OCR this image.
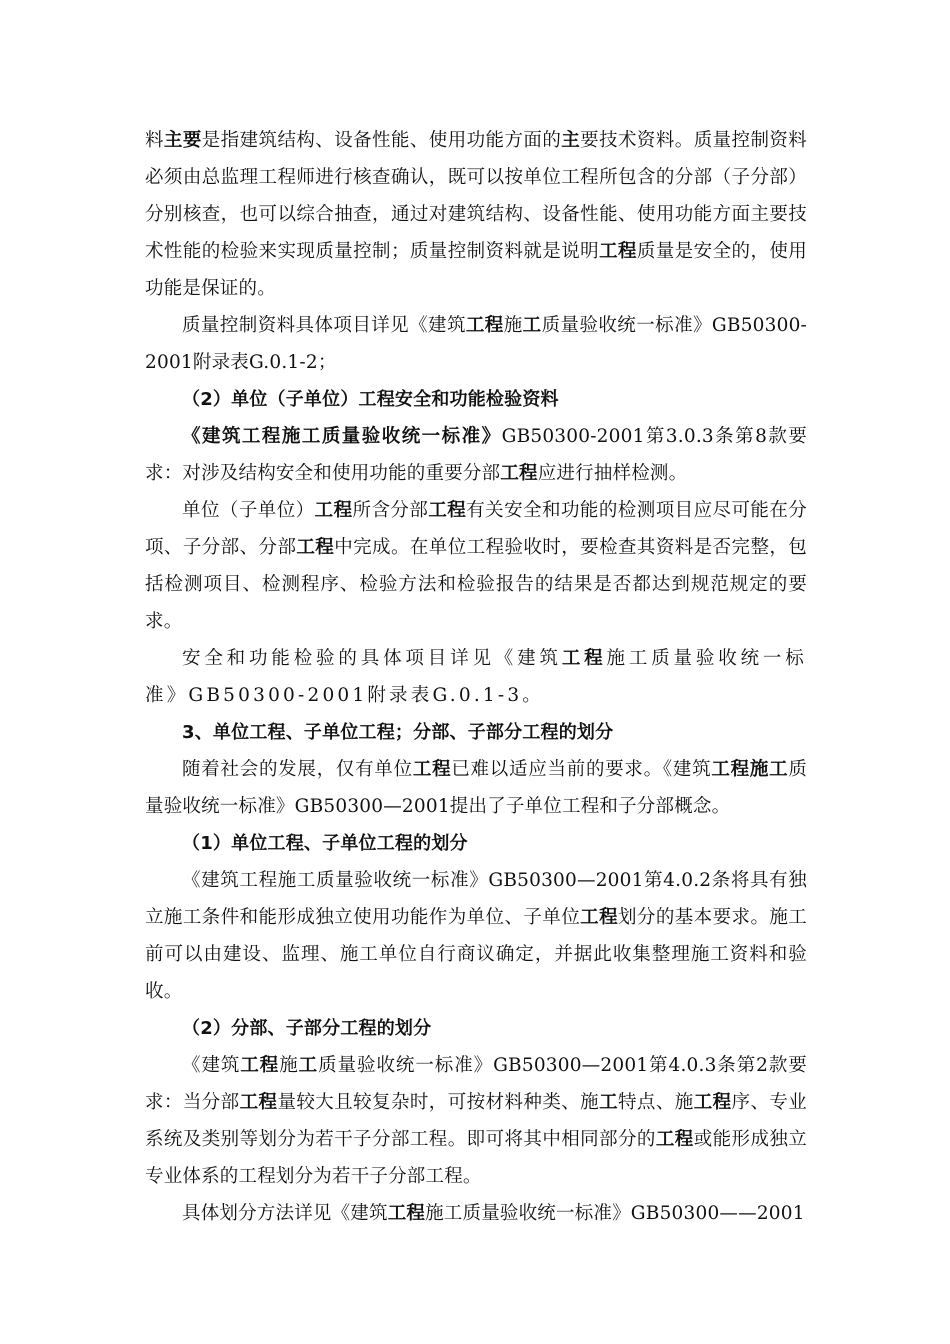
料主要是指建筑结构、设备性能、使用功能方面的主要技术资料。质量控制资料必须由总监理工程师进行核查确认，既可以按单位工程所包含的分部（子分部）分别核查，也可以综合抽查，通过对建筑结构、设备性能、使用功能方面主要技术性能的检验来实现质量控制；质量控制资料就是说明工程质量是安全的，使用功能是保证的。

质量控制资料具体项目详见《建筑工程施工质量验收统一标准》GB50300-2001附录表G.0.1-2；

（2）单位（子单位）工程安全和功能检验资料

《建筑工程施工质量验收统一标准》GB50300-2001第3.0.3条第8款要求：对涉及结构安全和使用功能的重要分部工程应进行抽样检测。

单位（子单位）工程所含分部工程有关安全和功能的检测项目应尽可能在分项、子分部、分部工程中完成。在单位工程验收时，要检查其资料是否完整，包括检测项目、检测程序、检验方法和检验报告的结果是否都达到规范规定的要求。

安全和功能检验的具体项目详见《建筑工程施工质量验收统一标准》GB50300-2001附录表G.0.1-3。

3、单位工程、子单位工程；分部、子部分工程的划分

随着社会的发展，仅有单位工程已难以适应当前的要求。《建筑工程施工质量验收统一标准》GB50300—2001提出了子单位工程和子分部概念。

（1）单位工程、子单位工程的划分

《建筑工程施工质量验收统一标准》GB50300—2001第4.0.2条将具有独立施工条件和能形成独立使用功能作为单位、子单位工程划分的基本要求。施工前可以由建设、监理、施工单位自行商议确定，并据此收集整理施工资料和验收。

（2）分部、子部分工程的划分

《建筑工程施工质量验收统一标准》GB50300—2001第4.0.3条第2款要求：当分部工程量较大且较复杂时，可按材料种类、施工特点、施工程序、专业系统及类别等划分为若干子分部工程。即可将其中相同部分的工程或能形成独立专业体系的工程划分为若干子分部工程。

具体划分方法详见《建筑工程施工质量验收统一标准》GB50300——2001
